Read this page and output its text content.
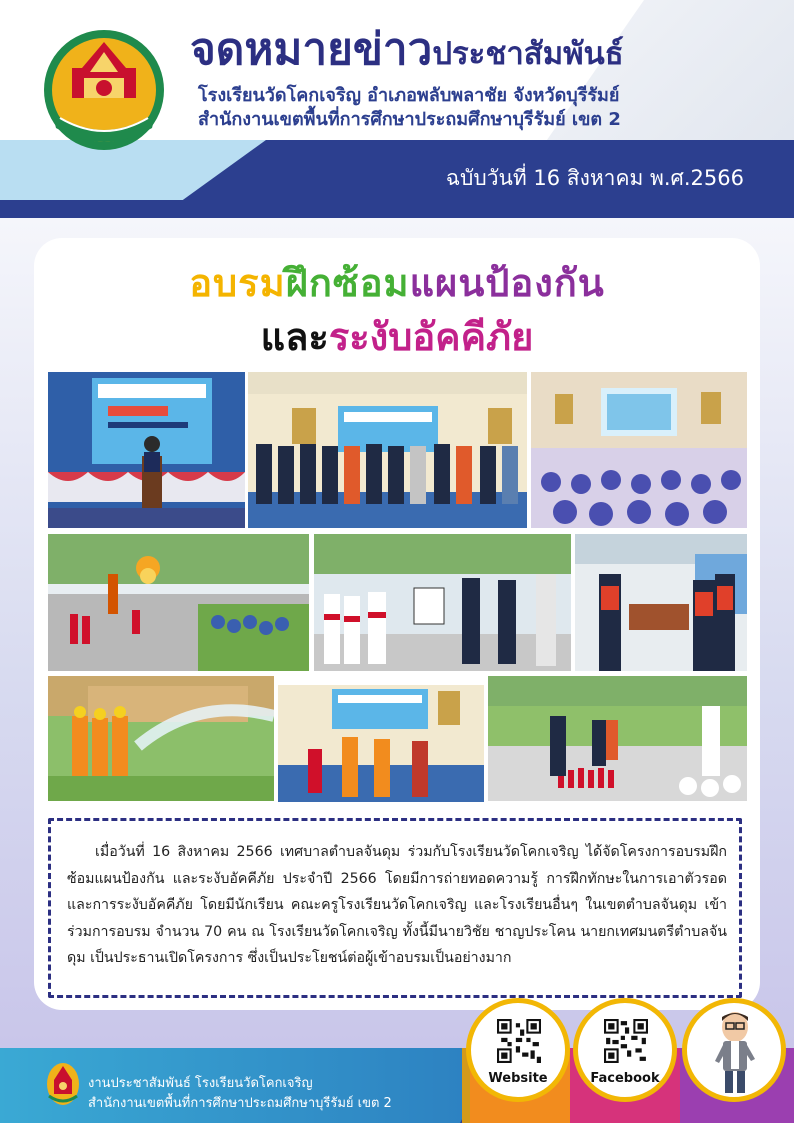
จดหมายข่าวประชาสัมพันธ์
โรงเรียนวัดโคกเจริญ อำเภอพลับพลาชัย จังหวัดบุรีรัมย์
สำนักงานเขตพื้นที่การศึกษาประถมศึกษาบุรีรัมย์ เขต 2
ฉบับวันที่ 16 สิงหาคม พ.ศ.2566
อบรมฝึกซ้อมแผนป้องกัน
และระงับอัคคีภัย

เมื่อวันที่ 16 สิงหาคม 2566 เทศบาลตำบลจันดุม ร่วมกับโรงเรียนวัดโคกเจริญ ได้จัดโครงการอบรมฝึกซ้อมแผนป้องกัน และระงับอัคคีภัย ประจำปี 2566 โดยมีการถ่ายทอดความรู้ การฝึกทักษะในการเอาตัวรอด และการระงับอัคคีภัย โดยมีนักเรียน คณะครูโรงเรียนวัดโคกเจริญ และโรงเรียนอื่นๆ ในเขตตำบลจันดุม เข้าร่วมการอบรม จำนวน 70 คน ณ โรงเรียนวัดโคกเจริญ ทั้งนี้มีนายวิชัย ชาญประโคน นายกเทศมนตรีตำบลจันดุม เป็นประธานเปิดโครงการ ซึ่งเป็นประโยชน์ต่อผู้เข้าอบรมเป็นอย่างมาก

งานประชาสัมพันธ์ โรงเรียนวัดโคกเจริญ
สำนักงานเขตพื้นที่การศึกษาประถมศึกษาบุรีรัมย์ เขต 2
Website	Facebook
